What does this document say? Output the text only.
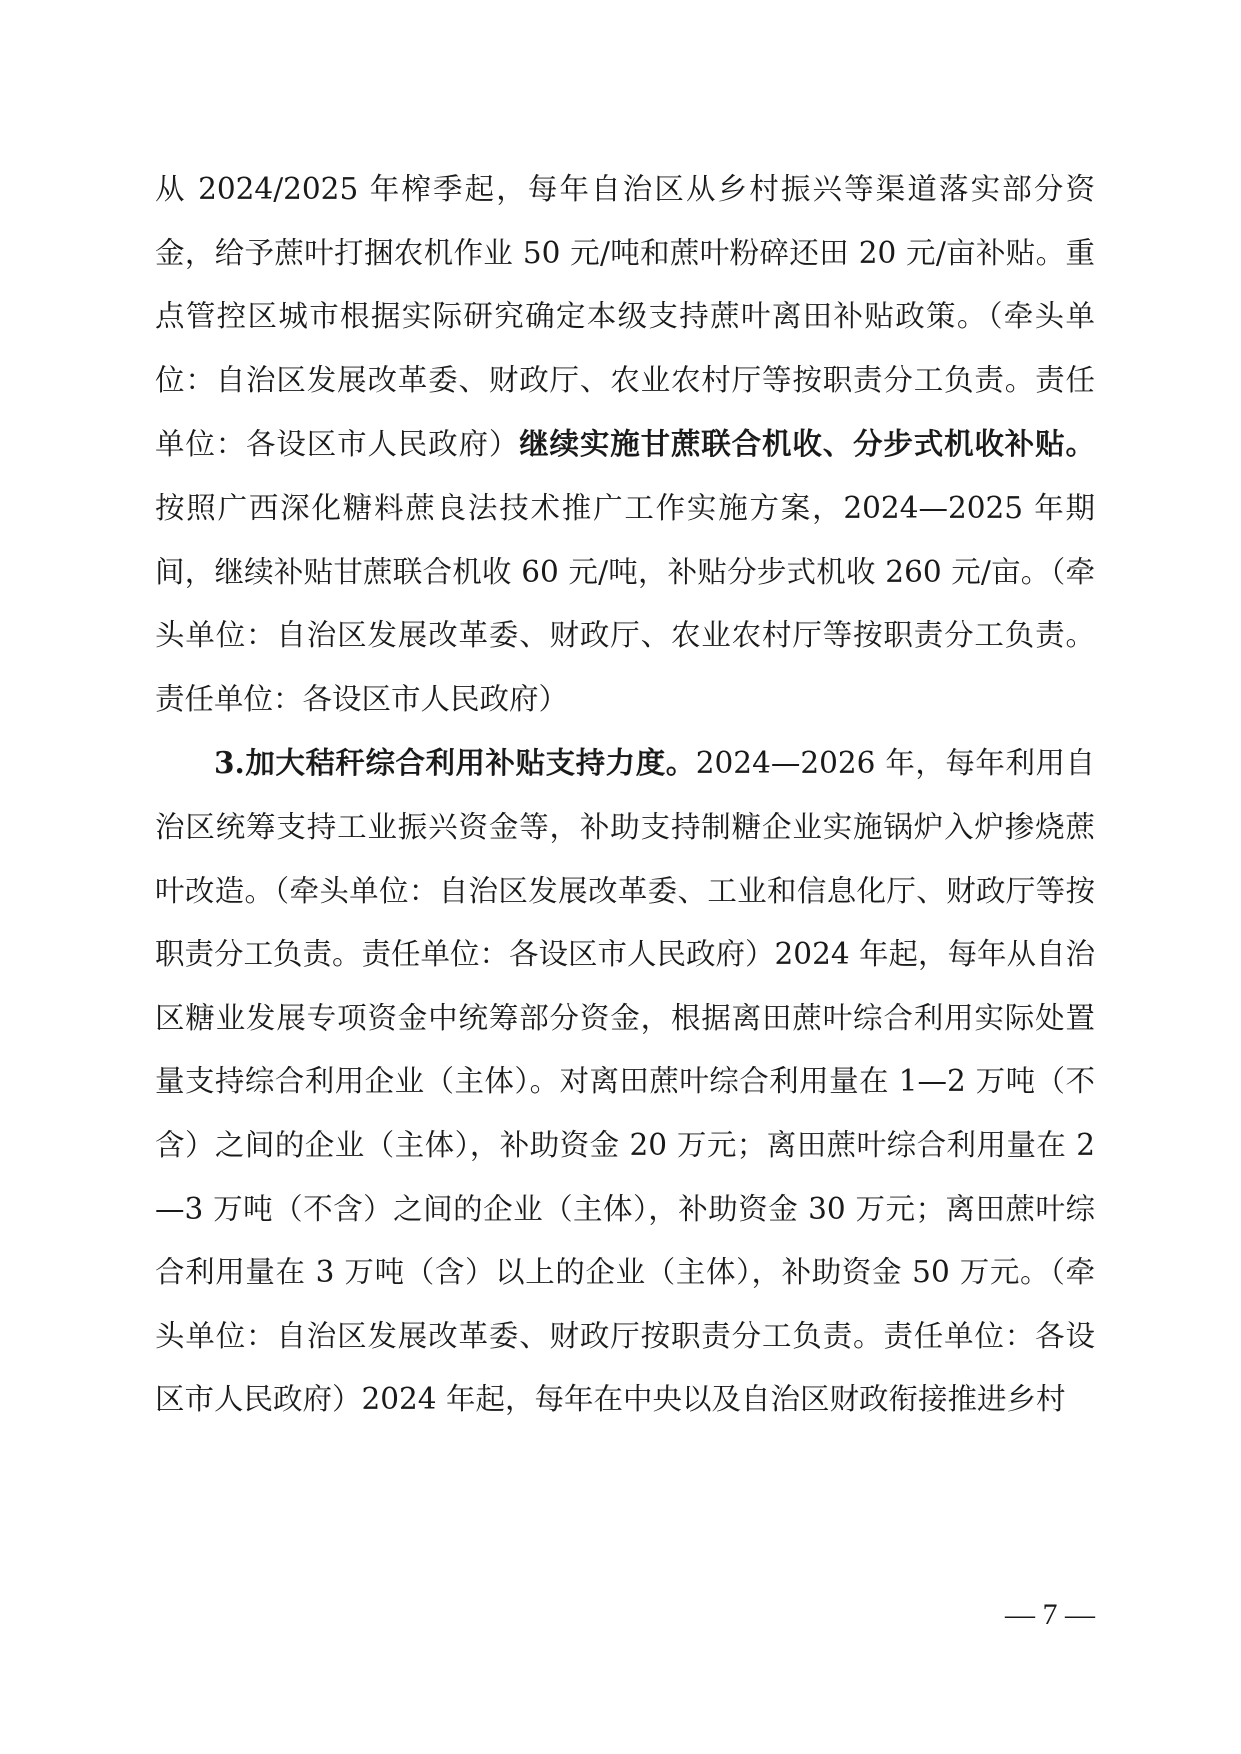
从 2024/2025 年榨季起，每年自治区从乡村振兴等渠道落实部分资金，给予蔗叶打捆农机作业 50 元/吨和蔗叶粉碎还田 20 元/亩补贴。重点管控区城市根据实际研究确定本级支持蔗叶离田补贴政策。（牵头单位：自治区发展改革委、财政厅、农业农村厅等按职责分工负责。责任单位：各设区市人民政府）继续实施甘蔗联合机收、分步式机收补贴。按照广西深化糖料蔗良法技术推广工作实施方案，2024—2025 年期间，继续补贴甘蔗联合机收 60 元/吨，补贴分步式机收 260 元/亩。（牵头单位：自治区发展改革委、财政厅、农业农村厅等按职责分工负责。责任单位：各设区市人民政府）

3.加大秸秆综合利用补贴支持力度。2024—2026 年，每年利用自治区统筹支持工业振兴资金等，补助支持制糖企业实施锅炉入炉掺烧蔗叶改造。（牵头单位：自治区发展改革委、工业和信息化厅、财政厅等按职责分工负责。责任单位：各设区市人民政府）2024 年起，每年从自治区糖业发展专项资金中统筹部分资金，根据离田蔗叶综合利用实际处置量支持综合利用企业（主体）。对离田蔗叶综合利用量在 1—2 万吨（不含）之间的企业（主体），补助资金 20 万元；离田蔗叶综合利用量在 2—3 万吨（不含）之间的企业（主体），补助资金 30 万元；离田蔗叶综合利用量在 3 万吨（含）以上的企业（主体），补助资金 50 万元。（牵头单位：自治区发展改革委、财政厅按职责分工负责。责任单位：各设区市人民政府）2024 年起，每年在中央以及自治区财政衔接推进乡村

— 7 —
